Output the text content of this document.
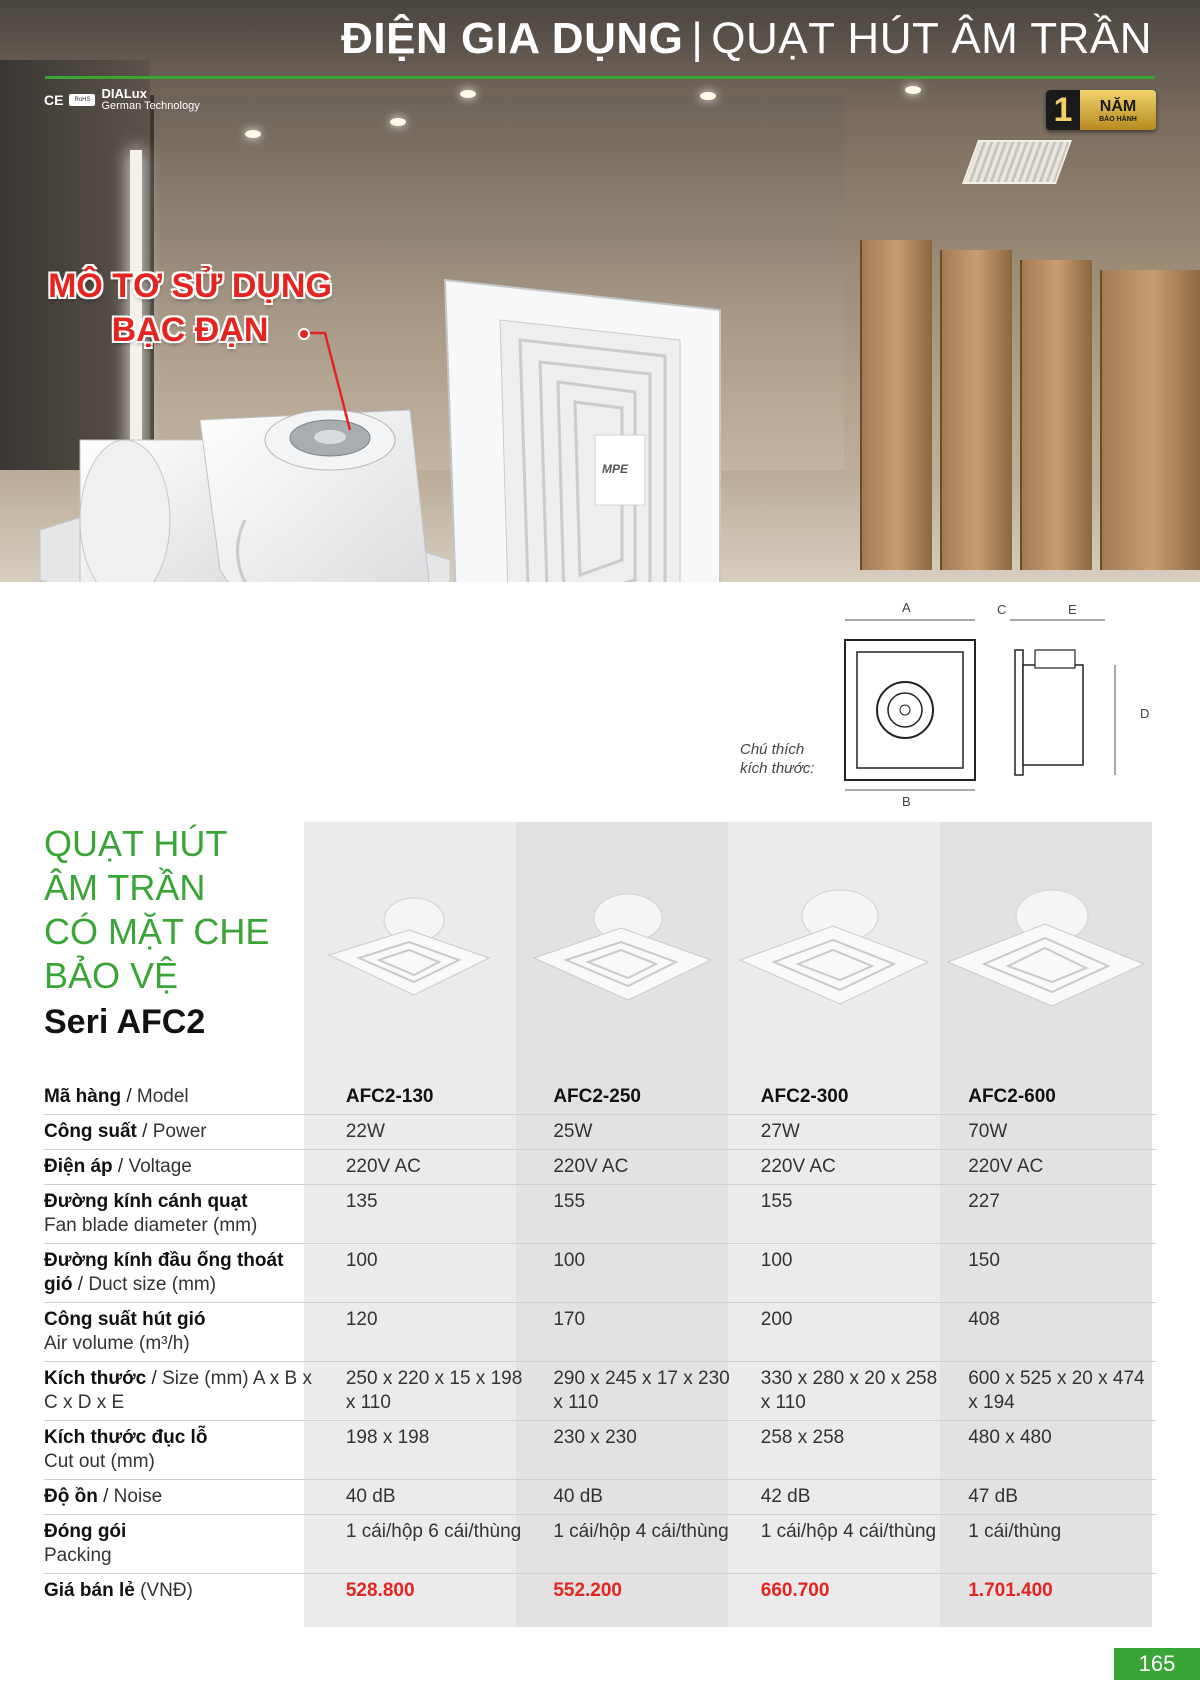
MPE
ĐIỆN GIA DỤNG | QUẠT HÚT ÂM TRẦN
CE	RoHS DIALux
German Technology	1	NĂM
BẢO HÀNH
MÔ TƠ SỬ DỤNG
BẠC ĐẠN
A
B
C
D
E
Chú thích
kích thước:
QUẠT HÚT
ÂM TRẦN
CÓ MẶT CHE
BẢO VỆ
Seri AFC2
Mã hàng / Model	AFC2-130	AFC2-250	AFC2-300	AFC2-600
Công suất / Power	22W	25W	27W	70W
Điện áp / Voltage	220V AC	220V AC	220V AC	220V AC
Đường kính cánh quạt
Fan blade diameter (mm)	135	155	155	227
Đường kính đầu ống thoát gió / Duct size (mm)	100	100	100	150
Công suất hút gió
Air volume (m³/h)	120	170	200	408
Kích thước / Size (mm) A x B x C x D x E	250 x 220 x 15 x 198 x 110	290 x 245 x 17 x 230 x 110	330 x 280 x 20 x 258 x 110	600 x 525 x 20 x 474 x 194
Kích thước đục lỗ
Cut out (mm)	198 x 198	230 x 230	258 x 258	480 x 480
Độ ồn / Noise	40 dB	40 dB	42 dB	47 dB
Đóng gói
Packing	1 cái/hộp 6 cái/thùng	1 cái/hộp 4 cái/thùng	1 cái/hộp 4 cái/thùng	1 cái/thùng
Giá bán lẻ (VNĐ)	528.800	552.200	660.700	1.701.400
165
